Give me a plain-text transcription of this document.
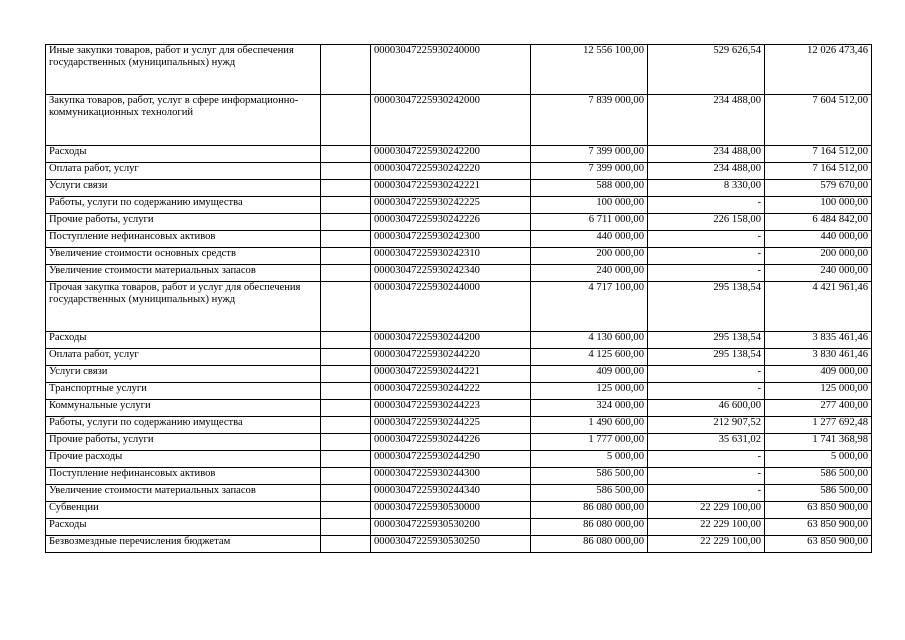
Иные закупки товаров, работ и услуг для обеспечения государственных (муниципальных) нужд		00003047225930240000	12 556 100,00	529 626,54	12 026 473,46
Закупка товаров, работ, услуг в сфере информационно-коммуникационных технологий		00003047225930242000	7 839 000,00	234 488,00	7 604 512,00
Расходы		00003047225930242200	7 399 000,00	234 488,00	7 164 512,00
Оплата работ, услуг		00003047225930242220	7 399 000,00	234 488,00	7 164 512,00
Услуги связи		00003047225930242221	588 000,00	8 330,00	579 670,00
Работы, услуги по содержанию имущества		00003047225930242225	100 000,00	-	100 000,00
Прочие работы, услуги		00003047225930242226	6 711 000,00	226 158,00	6 484 842,00
Поступление нефинансовых активов		00003047225930242300	440 000,00	-	440 000,00
Увеличение стоимости основных средств		00003047225930242310	200 000,00	-	200 000,00
Увеличение стоимости материальных запасов		00003047225930242340	240 000,00	-	240 000,00
Прочая закупка товаров, работ и услуг для обеспечения государственных (муниципальных) нужд		00003047225930244000	4 717 100,00	295 138,54	4 421 961,46
Расходы		00003047225930244200	4 130 600,00	295 138,54	3 835 461,46
Оплата работ, услуг		00003047225930244220	4 125 600,00	295 138,54	3 830 461,46
Услуги связи		00003047225930244221	409 000,00	-	409 000,00
Транспортные услуги		00003047225930244222	125 000,00	-	125 000,00
Коммунальные услуги		00003047225930244223	324 000,00	46 600,00	277 400,00
Работы, услуги по содержанию имущества		00003047225930244225	1 490 600,00	212 907,52	1 277 692,48
Прочие работы, услуги		00003047225930244226	1 777 000,00	35 631,02	1 741 368,98
Прочие расходы		00003047225930244290	5 000,00	-	5 000,00
Поступление нефинансовых активов		00003047225930244300	586 500,00	-	586 500,00
Увеличение стоимости материальных запасов		00003047225930244340	586 500,00	-	586 500,00
Субвенции		00003047225930530000	86 080 000,00	22 229 100,00	63 850 900,00
Расходы		00003047225930530200	86 080 000,00	22 229 100,00	63 850 900,00
Безвозмездные перечисления бюджетам		00003047225930530250	86 080 000,00	22 229 100,00	63 850 900,00
